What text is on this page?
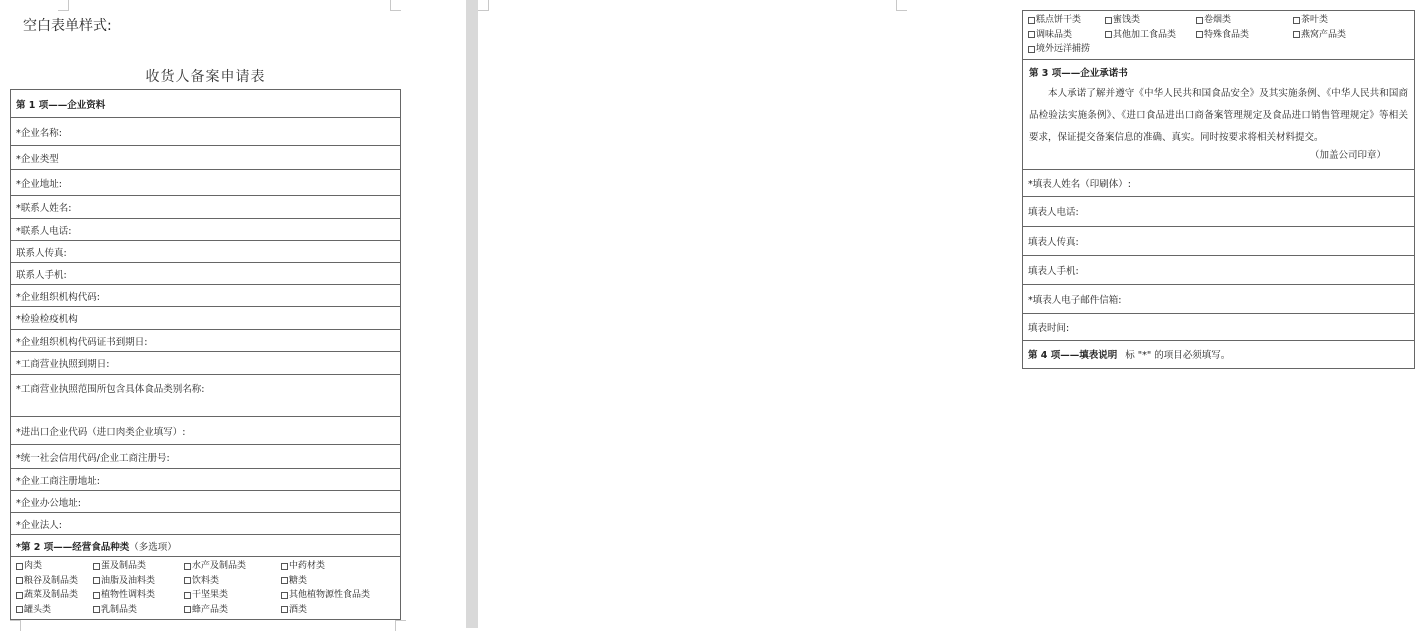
空白表单样式:
收货人备案申请表
第 1 项——企业资料
*企业名称:
*企业类型
*企业地址:
*联系人姓名:
*联系人电话:
联系人传真:
联系人手机:
*企业组织机构代码:
*检验检疫机构
*企业组织机构代码证书到期日:
*工商营业执照到期日:
*工商营业执照范围所包含具体食品类别名称:
*进出口企业代码（进口肉类企业填写）:
*统一社会信用代码/企业工商注册号:
*企业工商注册地址:
*企业办公地址:
*企业法人:
*第 2 项——经营食品种类（多选项）

肉类	蛋及制品类	水产及制品类	中药材类
粮谷及制品类	油脂及油料类	饮料类	糖类
蔬菜及制品类	植物性调料类	干坚果类	其他植物源性食品类
罐头类	乳制品类	蜂产品类	酒类
糕点饼干类	蜜饯类	卷烟类	茶叶类
调味品类	其他加工食品类	特殊食品类	燕窝产品类
境外远洋捕捞

第 3 项——企业承诺书

本人承诺了解并遵守《中华人民共和国食品安全》及其实施条例、《中华人民共和国商品检验法实施条例》、《进口食品进出口商备案管理规定及食品进口销售管理规定》等相关要求，保证提交备案信息的准确、真实。同时按要求将相关材料提交。

（加盖公司印章）

*填表人姓名（印刷体）:
填表人电话:
填表人传真:
填表人手机:
*填表人电子邮件信箱:
填表时间:
第 4 项——填表说明 标 "*" 的项目必须填写。
